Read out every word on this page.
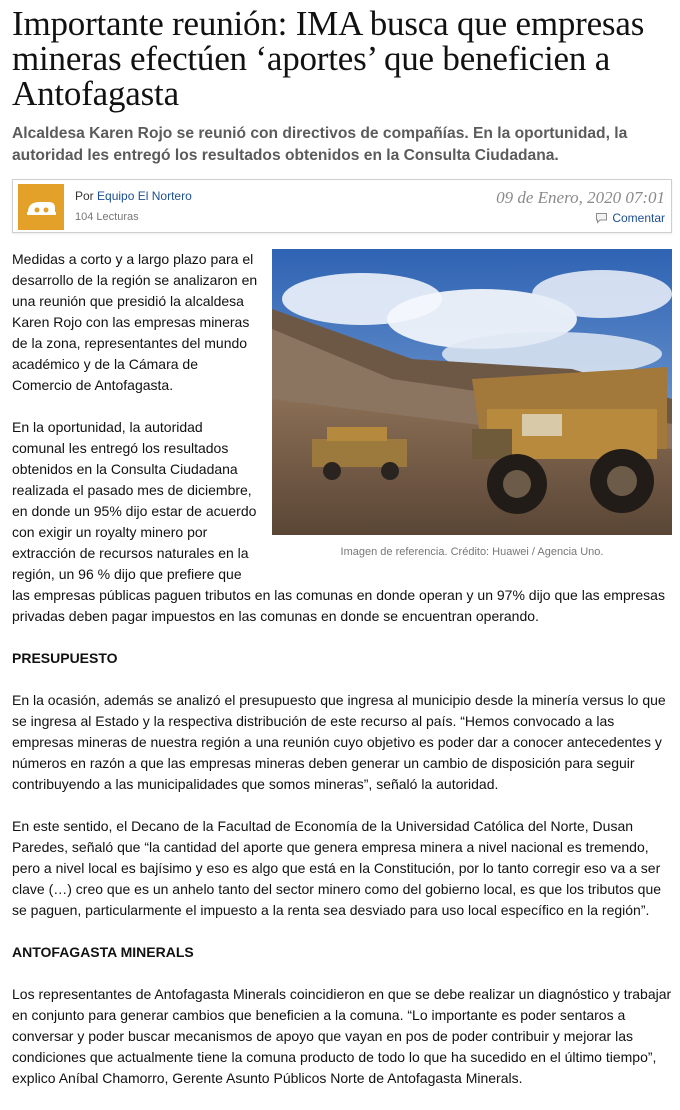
Importante reunión: IMA busca que empresas mineras efectúen ‘aportes’ que beneficien a Antofagasta
Alcaldesa Karen Rojo se reunió con directivos de compañías. En la oportunidad, la autoridad les entregó los resultados obtenidos en la Consulta Ciudadana.
Por Equipo El Nortero
104 Lecturas
09 de Enero, 2020 07:01
Comentar
Imagen de referencia. Crédito: Huawei / Agencia Uno.

Medidas a corto y a largo plazo para el desarrollo de la región se analizaron en una reunión que presidió la alcaldesa Karen Rojo con las empresas mineras de la zona, representantes del mundo académico y de la Cámara de Comercio de Antofagasta.

En la oportunidad, la autoridad comunal les entregó los resultados obtenidos en la Consulta Ciudadana realizada el pasado mes de diciembre, en donde un 95% dijo estar de acuerdo con exigir un royalty minero por extracción de recursos naturales en la región, un 96 % dijo que prefiere que las empresas públicas paguen tributos en las comunas en donde operan y un 97% dijo que las empresas privadas deben pagar impuestos en las comunas en donde se encuentran operando.

PRESUPUESTO

En la ocasión, además se analizó el presupuesto que ingresa al municipio desde la minería versus lo que se ingresa al Estado y la respectiva distribución de este recurso al país. “Hemos convocado a las empresas mineras de nuestra región a una reunión cuyo objetivo es poder dar a conocer antecedentes y números en razón a que las empresas mineras deben generar un cambio de disposición para seguir contribuyendo a las municipalidades que somos mineras”, señaló la autoridad.

En este sentido, el Decano de la Facultad de Economía de la Universidad Católica del Norte, Dusan Paredes, señaló que “la cantidad del aporte que genera empresa minera a nivel nacional es tremendo, pero a nivel local es bajísimo y eso es algo que está en la Constitución, por lo tanto corregir eso va a ser clave (…) creo que es un anhelo tanto del sector minero como del gobierno local, es que los tributos que se paguen, particularmente el impuesto a la renta sea desviado para uso local específico en la región”.

ANTOFAGASTA MINERALS

Los representantes de Antofagasta Minerals coincidieron en que se debe realizar un diagnóstico y trabajar en conjunto para generar cambios que beneficien a la comuna. “Lo importante es poder sentaros a conversar y poder buscar mecanismos de apoyo que vayan en pos de poder contribuir y mejorar las condiciones que actualmente tiene la comuna producto de todo lo que ha sucedido en el último tiempo”, explico Aníbal Chamorro, Gerente Asunto Públicos Norte de Antofagasta Minerals.
